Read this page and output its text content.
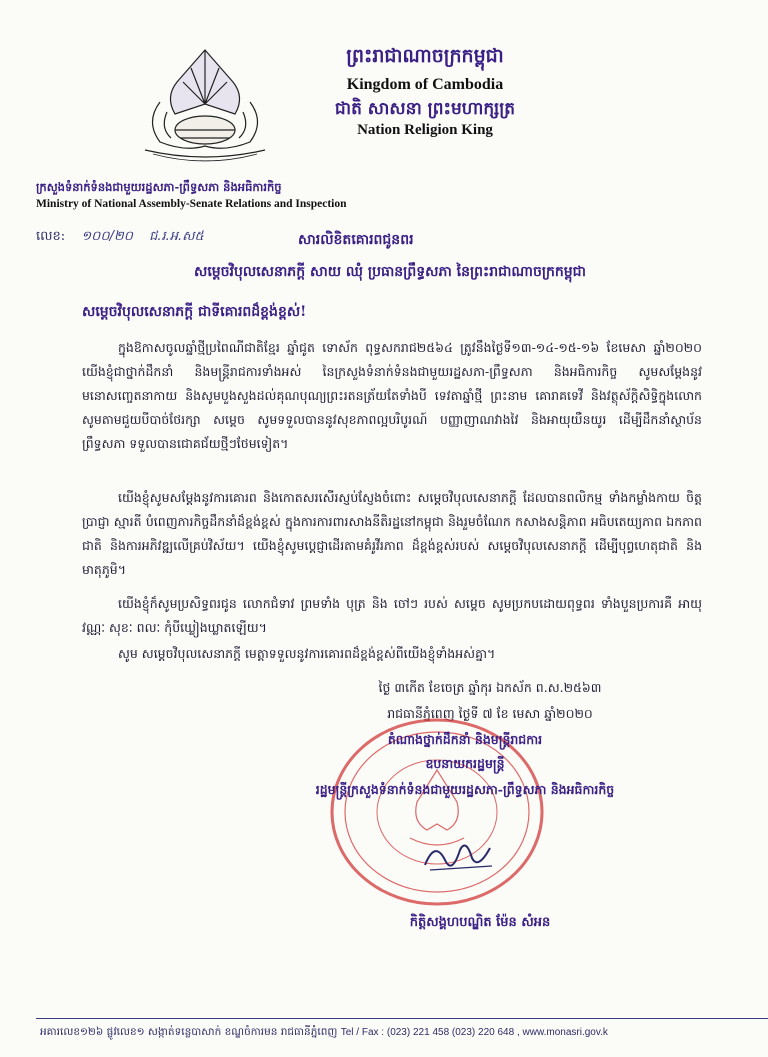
······
ព្រះរាជាណាចក្រកម្ពុជា
Kingdom of Cambodia
ជាតិ សាសនា ព្រះមហាក្សត្រ
Nation Religion King
ក្រសួងទំនាក់ទំនងជាមួយរដ្ឋសភា-ព្រឹទ្ធសភា និងអធិការកិច្ច
Ministry of National Assembly-Senate Relations and Inspection
លេខ: ១០០/២០ ជ.រ.អ.ស៥	សារលិខិតគោរពជូនពរ
សម្តេចវិបុលសេនាភក្តី សាយ ឈុំ ប្រធានព្រឹទ្ធសភា នៃព្រះរាជាណាចក្រកម្ពុជា
សម្តេចវិបុលសេនាភក្តី ជាទីគោរពដ៏ខ្ពង់ខ្ពស់!
ក្នុងឱកាសចូលឆ្នាំថ្មីប្រពៃណីជាតិខ្មែរ ឆ្នាំជូត ទោស័ក ពុទ្ធសករាជ២៥៦៤ ត្រូវនឹងថ្ងៃទី១៣-១៤-១៥-១៦ ខែមេសា ឆ្នាំ២០២០ យើងខ្ញុំជាថ្នាក់ដឹកនាំ និងមន្ត្រីរាជការទាំងអស់ នៃក្រសួងទំនាក់ទំនងជាមួយរដ្ឋសភា-ព្រឹទ្ធសភា និងអធិការកិច្ច សូមសម្តែងនូវមនោសញ្ចេតនាកាយ និងសូមបួងសួងដល់គុណបុណ្យព្រះរតនត្រ័យតែទាំងបី ទេវតាឆ្នាំថ្មី ព្រះនាម គោរាគទេវី និងវត្ថុស័ក្តិសិទ្ធិក្នុងលោក សូមតាមជួយបីបាច់ថែរក្សា សម្តេច សូមទទួលបាននូវសុខភាពល្អបរិបូរណ៍ បញ្ញាញាណវាងវៃ និងអាយុយឺនយូរ ដើម្បីដឹកនាំស្ថាប័នព្រឹទ្ធសភា ទទួលបានជោគជ័យថ្មីៗថែមទៀត។
យើងខ្ញុំសូមសម្តែងនូវការគោរព និងកោតសរសើរស្ញប់ស្ញែងចំពោះ សម្តេចវិបុលសេនាភក្តី ដែលបានពលិកម្ម ទាំងកម្លាំងកាយ ចិត្ត ប្រាជ្ញា ស្មារតី បំពេញភារកិច្ចដឹកនាំដ៏ខ្ពង់ខ្ពស់ ក្នុងការការពារសាងនីតិរដ្ឋនៅកម្ពុជា និងរួមចំណែក កសាងសន្តិភាព អធិបតេយ្យភាព ឯកភាពជាតិ និងការអភិវឌ្ឍលើគ្រប់វិស័យ។ យើងខ្ញុំសូមប្តេជ្ញាដើរតាមគំរូវីរភាព ដ៏ខ្ពង់ខ្ពស់របស់ សម្តេចវិបុលសេនាភក្តី ដើម្បីបុព្វហេតុជាតិ និងមាតុភូមិ។
យើងខ្ញុំក៏សូមប្រសិទ្ធពរជូន លោកជំទាវ ព្រមទាំង បុត្រ និង ចៅៗ របស់ សម្តេច សូមប្រកបដោយពុទ្ធពរ ទាំងបួនប្រការគឺ អាយុ វណ្ណៈ សុខៈ ពលៈ កុំបីឃ្លៀងឃ្លាតឡើយ។
សូម សម្តេចវិបុលសេនាភក្តី មេត្តាទទួលនូវការគោរពដ៏ខ្ពង់ខ្ពស់ពីយើងខ្ញុំទាំងអស់គ្នា។
ថ្ងៃ ៣កើត ខែចេត្រ ឆ្នាំកុរ ឯកស័ក ព.ស.២៥៦៣
រាជធានីភ្នំពេញ ថ្ងៃទី ៧ ខែ មេសា ឆ្នាំ២០២០
តំណាងថ្នាក់ដឹកនាំ និងមន្ត្រីរាជការ
ឧបនាយករដ្ឋមន្ត្រី
រដ្ឋមន្ត្រីក្រសួងទំនាក់ទំនងជាមួយរដ្ឋសភា-ព្រឹទ្ធសភា និងអធិការកិច្ច
កិត្តិសង្គហបណ្ឌិត ម៉ែន សំអន
អគារលេខ១២៦ ផ្លូវលេខ១ សង្កាត់ទន្លេបាសាក់ ខណ្ឌចំការមន រាជធានីភ្នំពេញ Tel / Fax : (023) 221 458 (023) 220 648 , www.monasri.gov.k
